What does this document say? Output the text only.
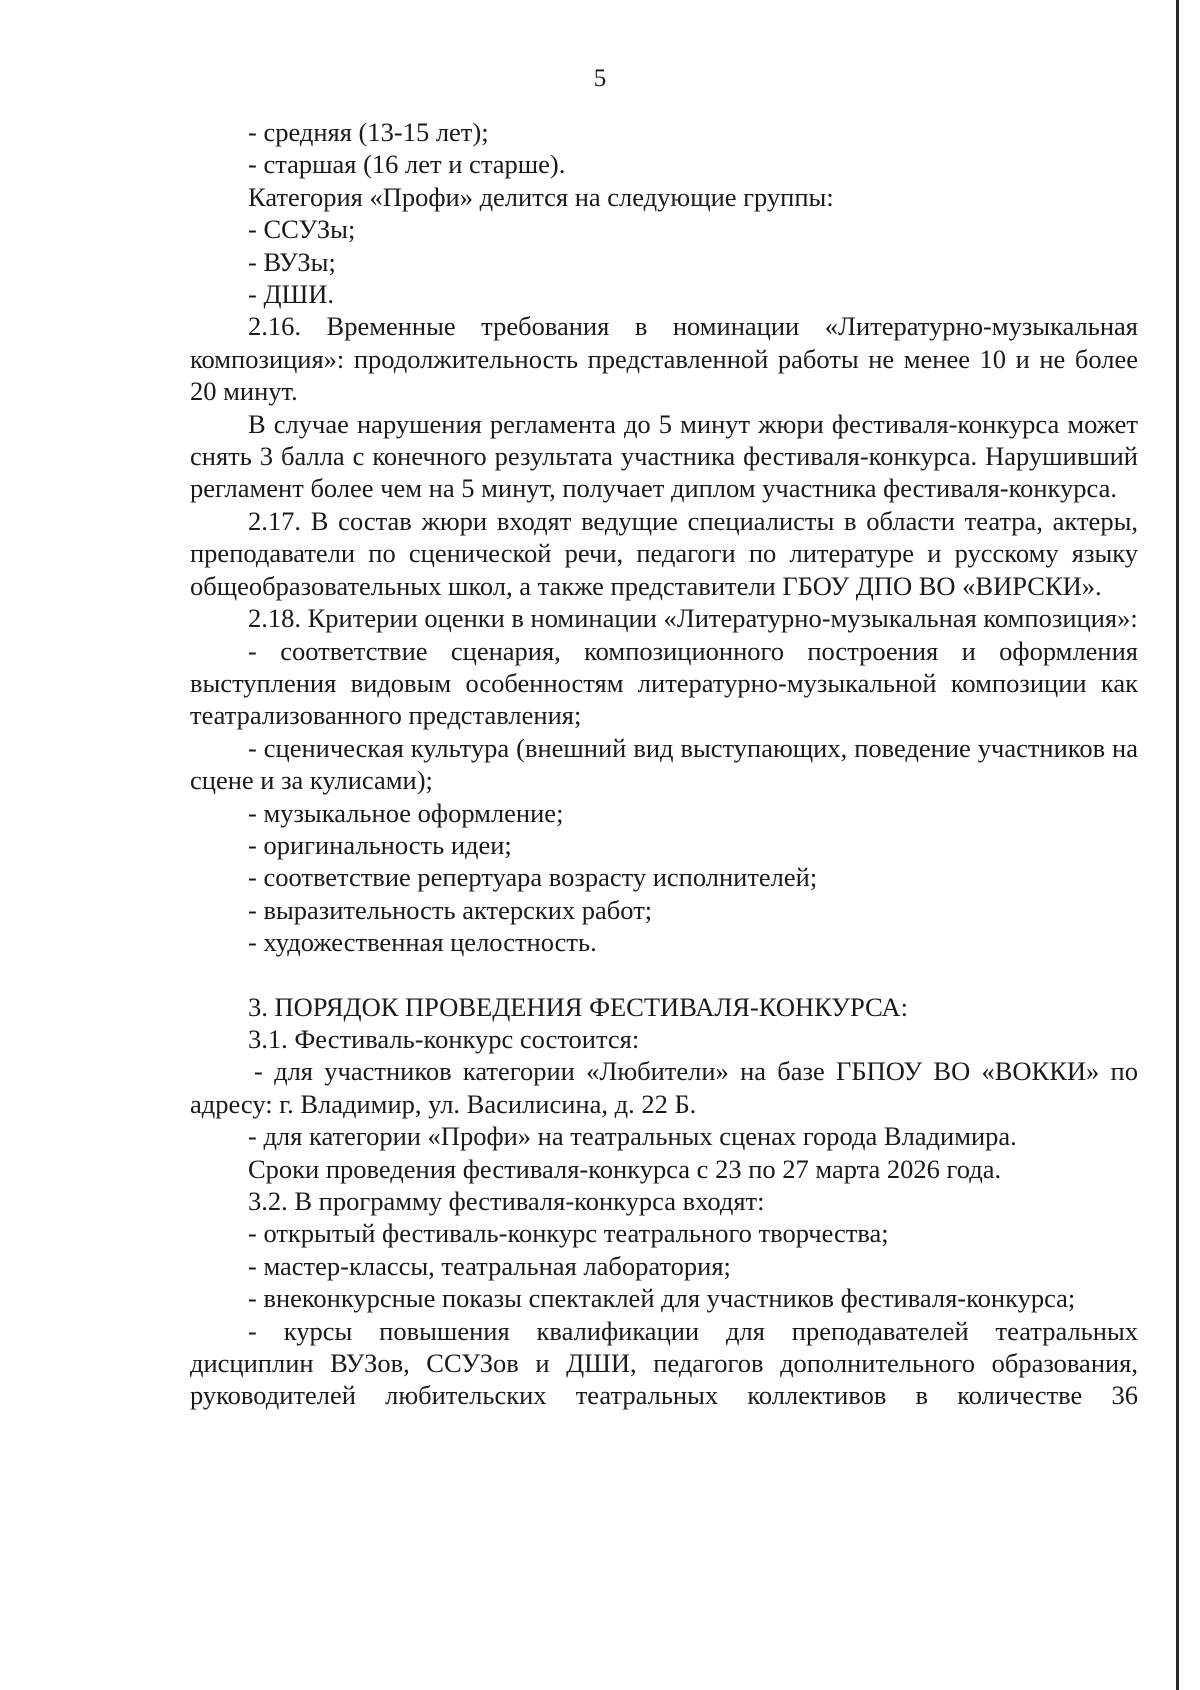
5

- средняя (13-15 лет);

- старшая (16 лет и старше).

Категория «Профи» делится на следующие группы:

- ССУЗы;

- ВУЗы;

- ДШИ.

2.16. Временные требования в номинации «Литературно-музыкальная композиция»: продолжительность представленной работы не менее 10 и не более 20 минут.

В случае нарушения регламента до 5 минут жюри фестиваля-конкурса может снять 3 балла с конечного результата участника фестиваля-конкурса. Нарушивший регламент более чем на 5 минут, получает диплом участника фестиваля-конкурса.

2.17. В состав жюри входят ведущие специалисты в области театра, актеры, преподаватели по сценической речи, педагоги по литературе и русскому языку общеобразовательных школ, а также представители ГБОУ ДПО ВО «ВИРСКИ».

2.18. Критерии оценки в номинации «Литературно-музыкальная композиция»:

- соответствие сценария, композиционного построения и оформления выступления видовым особенностям литературно-музыкальной композиции как театрализованного представления;

- сценическая культура (внешний вид выступающих, поведение участников на сцене и за кулисами);

- музыкальное оформление;

- оригинальность идеи;

- соответствие репертуара возрасту исполнителей;

- выразительность актерских работ;

- художественная целостность.

3. ПОРЯДОК ПРОВЕДЕНИЯ ФЕСТИВАЛЯ-КОНКУРСА:

3.1. Фестиваль-конкурс состоится:

- для участников категории «Любители» на базе ГБПОУ ВО «ВОККИ» по адресу: г. Владимир, ул. Василисина, д. 22 Б.

- для категории «Профи» на театральных сценах города Владимира.

Сроки проведения фестиваля-конкурса с 23 по 27 марта 2026 года.

3.2. В программу фестиваля-конкурса входят:

- открытый фестиваль-конкурс театрального творчества;

- мастер-классы, театральная лаборатория;

- внеконкурсные показы спектаклей для участников фестиваля-конкурса;

- курсы повышения квалификации для преподавателей театральных дисциплин ВУЗов, ССУЗов и ДШИ, педагогов дополнительного образования, руководителей любительских театральных коллективов в количестве 36
